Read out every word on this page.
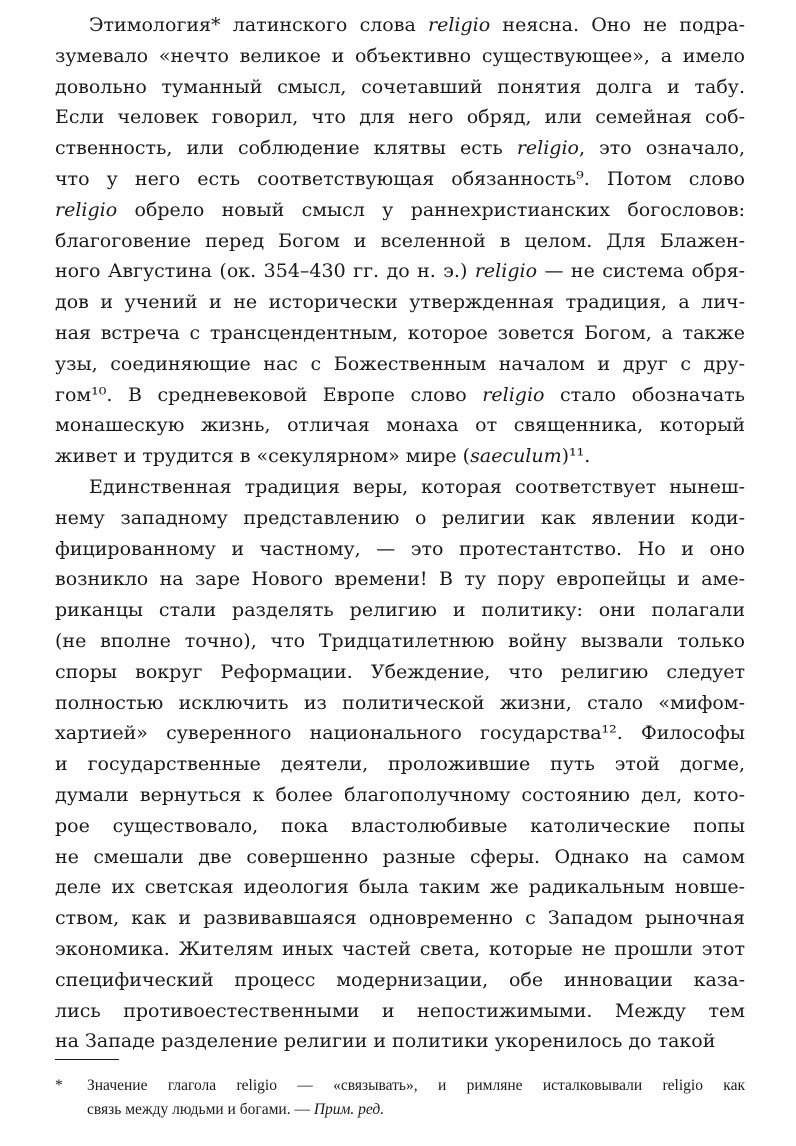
Этимология* латинского слова religio неясна. Оно не подра-
зумевало «нечто великое и объективно существующее», а имело
довольно туманный смысл, сочетавший понятия долга и табу.
Если человек говорил, что для него обряд, или семейная соб-
ственность, или соблюдение клятвы есть religio, это означало,
что у него есть соответствующая обязанность⁹. Потом слово
religio обрело новый смысл у раннехристианских богословов:
благоговение перед Богом и вселенной в целом. Для Блажен-
ного Августина (ок. 354–430 гг. до н. э.) religio — не система обря-
дов и учений и не исторически утвержденная традиция, а лич-
ная встреча с трансцендентным, которое зовется Богом, а также
узы, соединяющие нас с Божественным началом и друг с дру-
гом¹⁰. В средневековой Европе слово religio стало обозначать
монашескую жизнь, отличая монаха от священника, который
живет и трудится в «секулярном» мире (saeculum)¹¹.
Единственная традиция веры, которая соответствует нынеш-
нему западному представлению о религии как явлении коди-
фицированному и частному, — это протестантство. Но и оно
возникло на заре Нового времени! В ту пору европейцы и аме-
риканцы стали разделять религию и политику: они полагали
(не вполне точно), что Тридцатилетнюю войну вызвали только
споры вокруг Реформации. Убеждение, что религию следует
полностью исключить из политической жизни, стало «мифом-
хартией» суверенного национального государства¹². Философы
и государственные деятели, проложившие путь этой догме,
думали вернуться к более благополучному состоянию дел, кото-
рое существовало, пока властолюбивые католические попы
не смешали две совершенно разные сферы. Однако на самом
деле их светская идеология была таким же радикальным новше-
ством, как и развивавшаяся одновременно с Западом рыночная
экономика. Жителям иных частей света, которые не прошли этот
специфический процесс модернизации, обе инновации каза-
лись противоестественными и непостижимыми. Между тем
на Западе разделение религии и политики укоренилось до такой
*	Значение глагола religio — «связывать», и римляне исталковывали religio как
связь между людьми и богами. — Прим. ред.
